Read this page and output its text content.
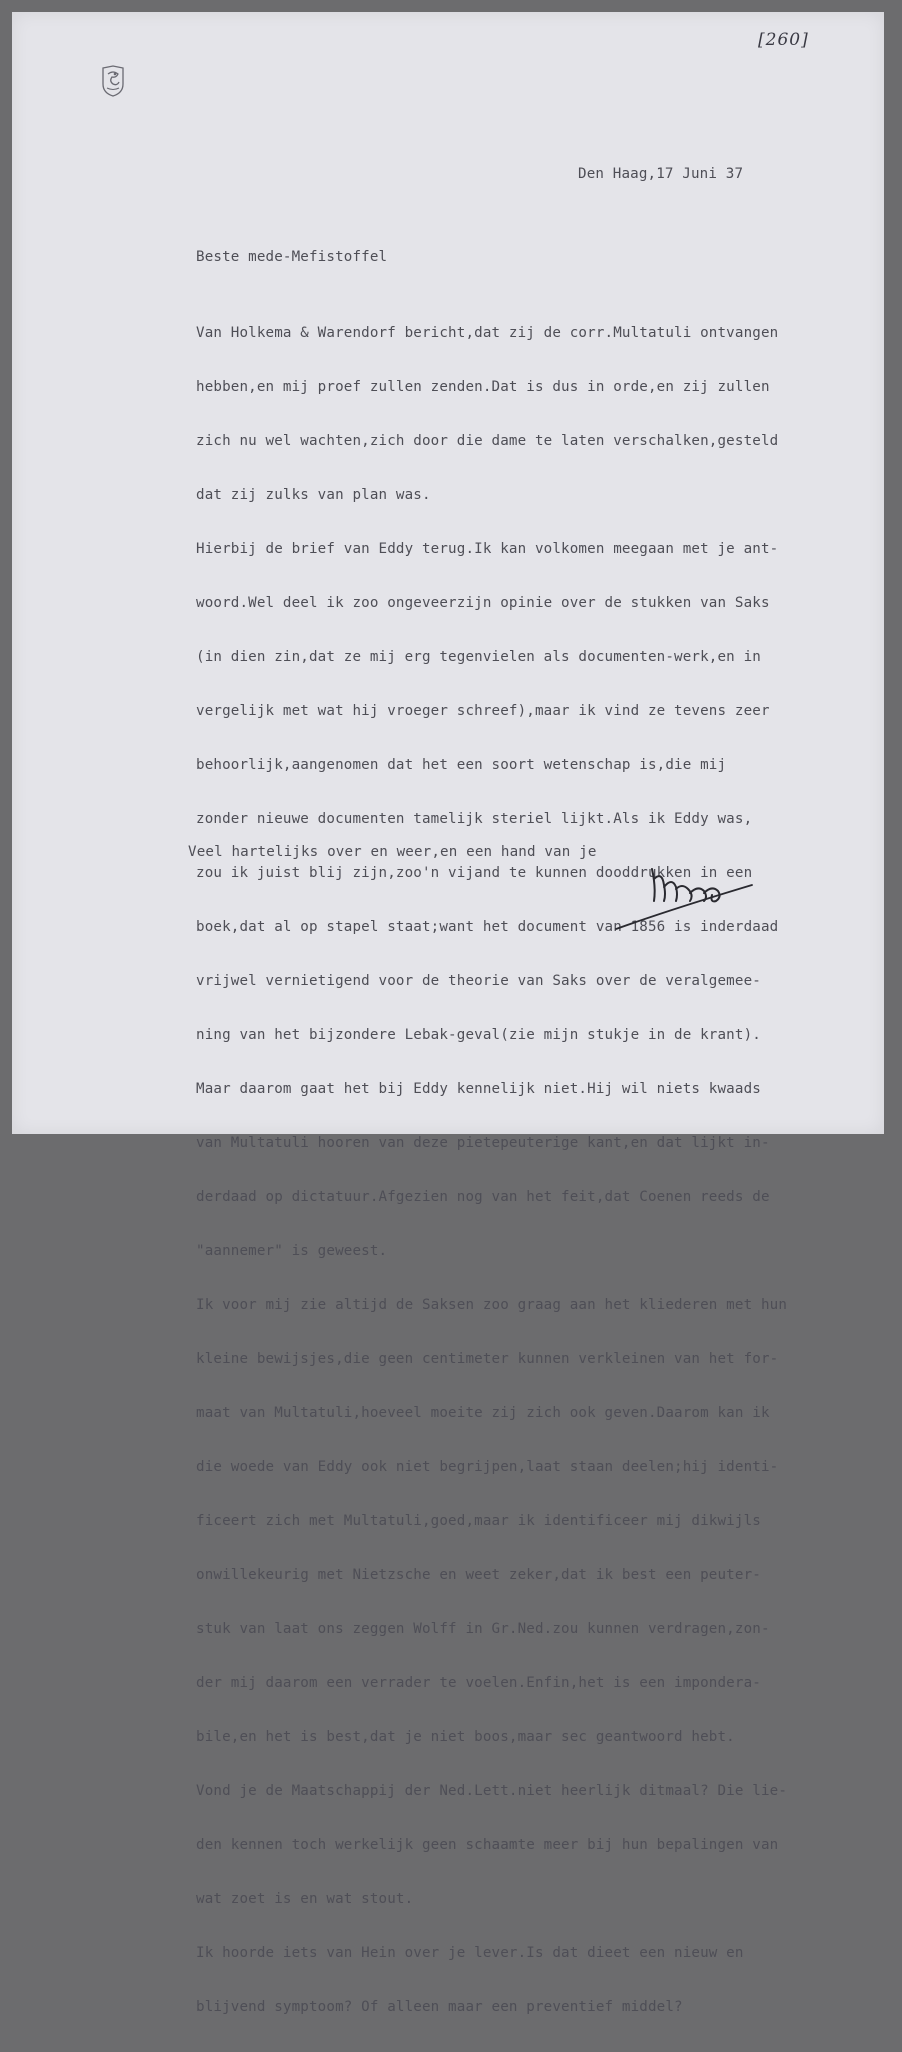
[260]
Den Haag,17 Juni 37
Beste mede-Mefistoffel

Van Holkema & Warendorf bericht,dat zij de corr.Multatuli ontvangen

hebben,en mij proef zullen zenden.Dat is dus in orde,en zij zullen

zich nu wel wachten,zich door die dame te laten verschalken,gesteld

dat zij zulks van plan was.

Hierbij de brief van Eddy terug.Ik kan volkomen meegaan met je ant-

woord.Wel deel ik zoo ongeveerzijn opinie over de stukken van Saks

(in dien zin,dat ze mij erg tegenvielen als documenten-werk,en in

vergelijk met wat hij vroeger schreef),maar ik vind ze tevens zeer

behoorlijk,aangenomen dat het een soort wetenschap is,die mij

zonder nieuwe documenten tamelijk steriel lijkt.Als ik Eddy was,

zou ik juist blij zijn,zoo'n vijand te kunnen dooddrukken in een

boek,dat al op stapel staat;want het document van 1856 is inderdaad

vrijwel vernietigend voor de theorie van Saks over de veralgemee-

ning van het bijzondere Lebak-geval(zie mijn stukje in de krant).

Maar daarom gaat het bij Eddy kennelijk niet.Hij wil niets kwaads

van Multatuli hooren van deze pietepeuterige kant,en dat lijkt in-

derdaad op dictatuur.Afgezien nog van het feit,dat Coenen reeds de

"aannemer" is geweest.

Ik voor mij zie altijd de Saksen zoo graag aan het kliederen met hun

kleine bewijsjes,die geen centimeter kunnen verkleinen van het for-

maat van Multatuli,hoeveel moeite zij zich ook geven.Daarom kan ik

die woede van Eddy ook niet begrijpen,laat staan deelen;hij identi-

ficeert zich met Multatuli,goed,maar ik identificeer mij dikwijls

onwillekeurig met Nietzsche en weet zeker,dat ik best een peuter-

stuk van laat ons zeggen Wolff in Gr.Ned.zou kunnen verdragen,zon-

der mij daarom een verrader te voelen.Enfin,het is een imponderа-

bile,en het is best,dat je niet boos,maar sec geantwoord hebt.

Vond je de Maatschappij der Ned.Lett.niet heerlijk ditmaal? Die lie-

den kennen toch werkelijk geen schaamte meer bij hun bepalingen van

wat zoet is en wat stout.

Ik hoorde iets van Hein over je lever.Is dat dieet een nieuw en

blijvend symptoom? Of alleen maar een preventief middel?

Veel hartelijks over en weer,en een hand van je
